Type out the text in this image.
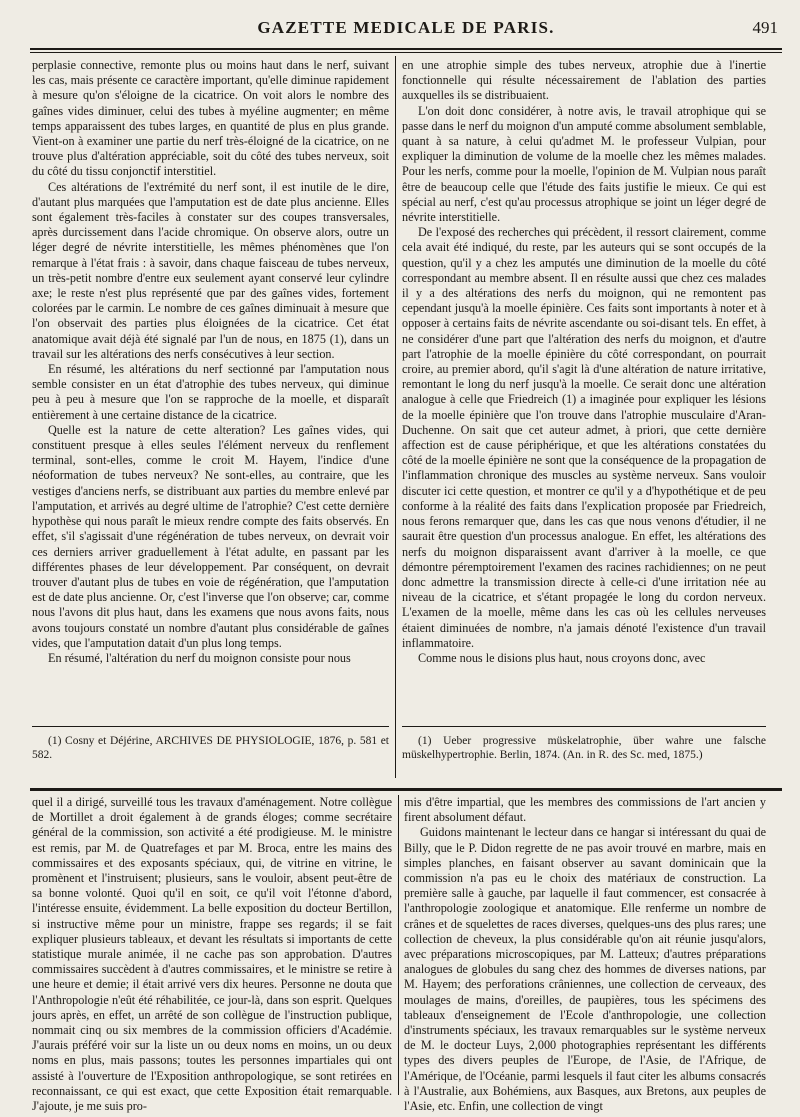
GAZETTE MEDICALE DE PARIS.	491

perplasie connective, remonte plus ou moins haut dans le nerf, suivant les cas, mais présente ce caractère important, qu'elle diminue rapidement à mesure qu'on s'éloigne de la cicatrice. On voit alors le nombre des gaînes vides diminuer, celui des tubes à myéline augmenter; en même temps apparaissent des tubes larges, en quantité de plus en plus grande. Vient-on à examiner une partie du nerf très-éloigné de la cicatrice, on ne trouve plus d'altération appréciable, soit du côté des tubes nerveux, soit du côté du tissu conjonctif interstitiel.

Ces altérations de l'extrémité du nerf sont, il est inutile de le dire, d'autant plus marquées que l'amputation est de date plus ancienne. Elles sont également très-faciles à constater sur des coupes transversales, après durcissement dans l'acide chromique. On observe alors, outre un léger degré de névrite interstitielle, les mêmes phénomènes que l'on remarque à l'état frais : à savoir, dans chaque faisceau de tubes nerveux, un très-petit nombre d'entre eux seulement ayant conservé leur cylindre axe; le reste n'est plus représenté que par des gaînes vides, fortement colorées par le carmin. Le nombre de ces gaînes diminuait à mesure que l'on observait des parties plus éloignées de la cicatrice. Cet état anatomique avait déjà été signalé par l'un de nous, en 1875 (1), dans un travail sur les altérations des nerfs consécutives à leur section.

En résumé, les altérations du nerf sectionné par l'amputation nous semble consister en un état d'atrophie des tubes nerveux, qui diminue peu à peu à mesure que l'on se rapproche de la moelle, et disparaît entièrement à une certaine distance de la cicatrice.

Quelle est la nature de cette alteration? Les gaînes vides, qui constituent presque à elles seules l'élément nerveux du renflement terminal, sont-elles, comme le croit M. Hayem, l'indice d'une néoformation de tubes nerveux? Ne sont-elles, au contraire, que les vestiges d'anciens nerfs, se distribuant aux parties du membre enlevé par l'amputation, et arrivés au degré ultime de l'atrophie? C'est cette dernière hypothèse qui nous paraît le mieux rendre compte des faits observés. En effet, s'il s'agissait d'une régénération de tubes nerveux, on devrait voir ces derniers arriver graduellement à l'état adulte, en passant par les différentes phases de leur développement. Par conséquent, on devrait trouver d'autant plus de tubes en voie de régénération, que l'amputation est de date plus ancienne. Or, c'est l'inverse que l'on observe; car, comme nous l'avons dit plus haut, dans les examens que nous avons faits, nous avons toujours constaté un nombre d'autant plus considérable de gaînes vides, que l'amputation datait d'un plus long temps.

En résumé, l'altération du nerf du moignon consiste pour nous

en une atrophie simple des tubes nerveux, atrophie due à l'inertie fonctionnelle qui résulte nécessairement de l'ablation des parties auxquelles ils se distribuaient.

L'on doit donc considérer, à notre avis, le travail atrophique qui se passe dans le nerf du moignon d'un amputé comme absolument semblable, quant à sa nature, à celui qu'admet M. le professeur Vulpian, pour expliquer la diminution de volume de la moelle chez les mêmes malades. Pour les nerfs, comme pour la moelle, l'opinion de M. Vulpian nous paraît être de beaucoup celle que l'étude des faits justifie le mieux. Ce qui est spécial au nerf, c'est qu'au processus atrophique se joint un léger degré de névrite interstitielle.

De l'exposé des recherches qui précèdent, il ressort clairement, comme cela avait été indiqué, du reste, par les auteurs qui se sont occupés de la question, qu'il y a chez les amputés une diminution de la moelle du côté correspondant au membre absent. Il en résulte aussi que chez ces malades il y a des altérations des nerfs du moignon, qui ne remontent pas cependant jusqu'à la moelle épinière. Ces faits sont importants à noter et à opposer à certains faits de névrite ascendante ou soi-disant tels. En effet, à ne considérer d'une part que l'altération des nerfs du moignon, et d'autre part l'atrophie de la moelle épinière du côté correspondant, on pourrait croire, au premier abord, qu'il s'agit là d'une altération de nature irritative, remontant le long du nerf jusqu'à la moelle. Ce serait donc une altération analogue à celle que Friedreich (1) a imaginée pour expliquer les lésions de la moelle épinière que l'on trouve dans l'atrophie musculaire d'Aran-Duchenne. On sait que cet auteur admet, à priori, que cette dernière affection est de cause périphérique, et que les altérations constatées du côté de la moelle épinière ne sont que la conséquence de la propagation de l'inflammation chronique des muscles au système nerveux. Sans vouloir discuter ici cette question, et montrer ce qu'il y a d'hypothétique et de peu conforme à la réalité des faits dans l'explication proposée par Friedreich, nous ferons remarquer que, dans les cas que nous venons d'étudier, il ne saurait être question d'un processus analogue. En effet, les altérations des nerfs du moignon disparaissent avant d'arriver à la moelle, ce que démontre péremptoirement l'examen des racines rachidiennes; on ne peut donc admettre la transmission directe à celle-ci d'une irritation née au niveau de la cicatrice, et s'étant propagée le long du cordon nerveux. L'examen de la moelle, même dans les cas où les cellules nerveuses étaient diminuées de nombre, n'a jamais dénoté l'existence d'un travail inflammatoire.

Comme nous le disions plus haut, nous croyons donc, avec

(1) Cosny et Déjérine, ARCHIVES DE PHYSIOLOGIE, 1876, p. 581 et 582.

(1) Ueber progressive müskelatrophie, über wahre une falsche müskelhypertrophie. Berlin, 1874. (An. in R. des Sc. med, 1875.)

quel il a dirigé, surveillé tous les travaux d'aménagement. Notre collègue de Mortillet a droit également à de grands éloges; comme secrétaire général de la commission, son activité a été prodigieuse. M. le ministre est remis, par M. de Quatrefages et par M. Broca, entre les mains des commissaires et des exposants spéciaux, qui, de vitrine en vitrine, le promènent et l'instruisent; plusieurs, sans le vouloir, absent peut-être de sa bonne volonté. Quoi qu'il en soit, ce qu'il voit l'étonne d'abord, l'intéresse ensuite, évidemment. La belle exposition du docteur Bertillon, si instructive même pour un ministre, frappe ses regards; il se fait expliquer plusieurs tableaux, et devant les résultats si importants de cette statistique murale animée, il ne cache pas son approbation. D'autres commissaires succèdent à d'autres commissaires, et le ministre se retire à une heure et demie; il était arrivé vers dix heures. Personne ne douta que l'Anthropologie n'eût été réhabilitée, ce jour-là, dans son esprit. Quelques jours après, en effet, un arrêté de son collègue de l'instruction publique, nommait cinq ou six membres de la commission officiers d'Académie. J'aurais préféré voir sur la liste un ou deux noms en moins, un ou deux noms en plus, mais passons; toutes les personnes impartiales qui ont assisté à l'ouverture de l'Exposition anthropologique, se sont retirées en reconnaissant, ce qui est exact, que cette Exposition était remarquable. J'ajoute, je me suis pro-

mis d'être impartial, que les membres des commissions de l'art ancien y firent absolument défaut.

Guidons maintenant le lecteur dans ce hangar si intéressant du quai de Billy, que le P. Didon regrette de ne pas avoir trouvé en marbre, mais en simples planches, en faisant observer au savant dominicain que la commission n'a pas eu le choix des matériaux de construction. La première salle à gauche, par laquelle il faut commencer, est consacrée à l'anthropologie zoologique et anatomique. Elle renferme un nombre de crânes et de squelettes de races diverses, quelques-uns des plus rares; une collection de cheveux, la plus considérable qu'on ait réunie jusqu'alors, avec préparations microscopiques, par M. Latteux; d'autres préparations analogues de globules du sang chez des hommes de diverses nations, par M. Hayem; des perforations crâniennes, une collection de cerveaux, des moulages de mains, d'oreilles, de paupières, tous les spécimens des tableaux d'enseignement de l'Ecole d'anthropologie, une collection d'instruments spéciaux, les travaux remarquables sur le système nerveux de M. le docteur Luys, 2,000 photographies représentant les différents types des divers peuples de l'Europe, de l'Asie, de l'Afrique, de l'Amérique, de l'Océanie, parmi lesquels il faut citer les albums consacrés à l'Australie, aux Bohémiens, aux Basques, aux Bretons, aux peuples de l'Asie, etc. Enfin, une collection de vingt
